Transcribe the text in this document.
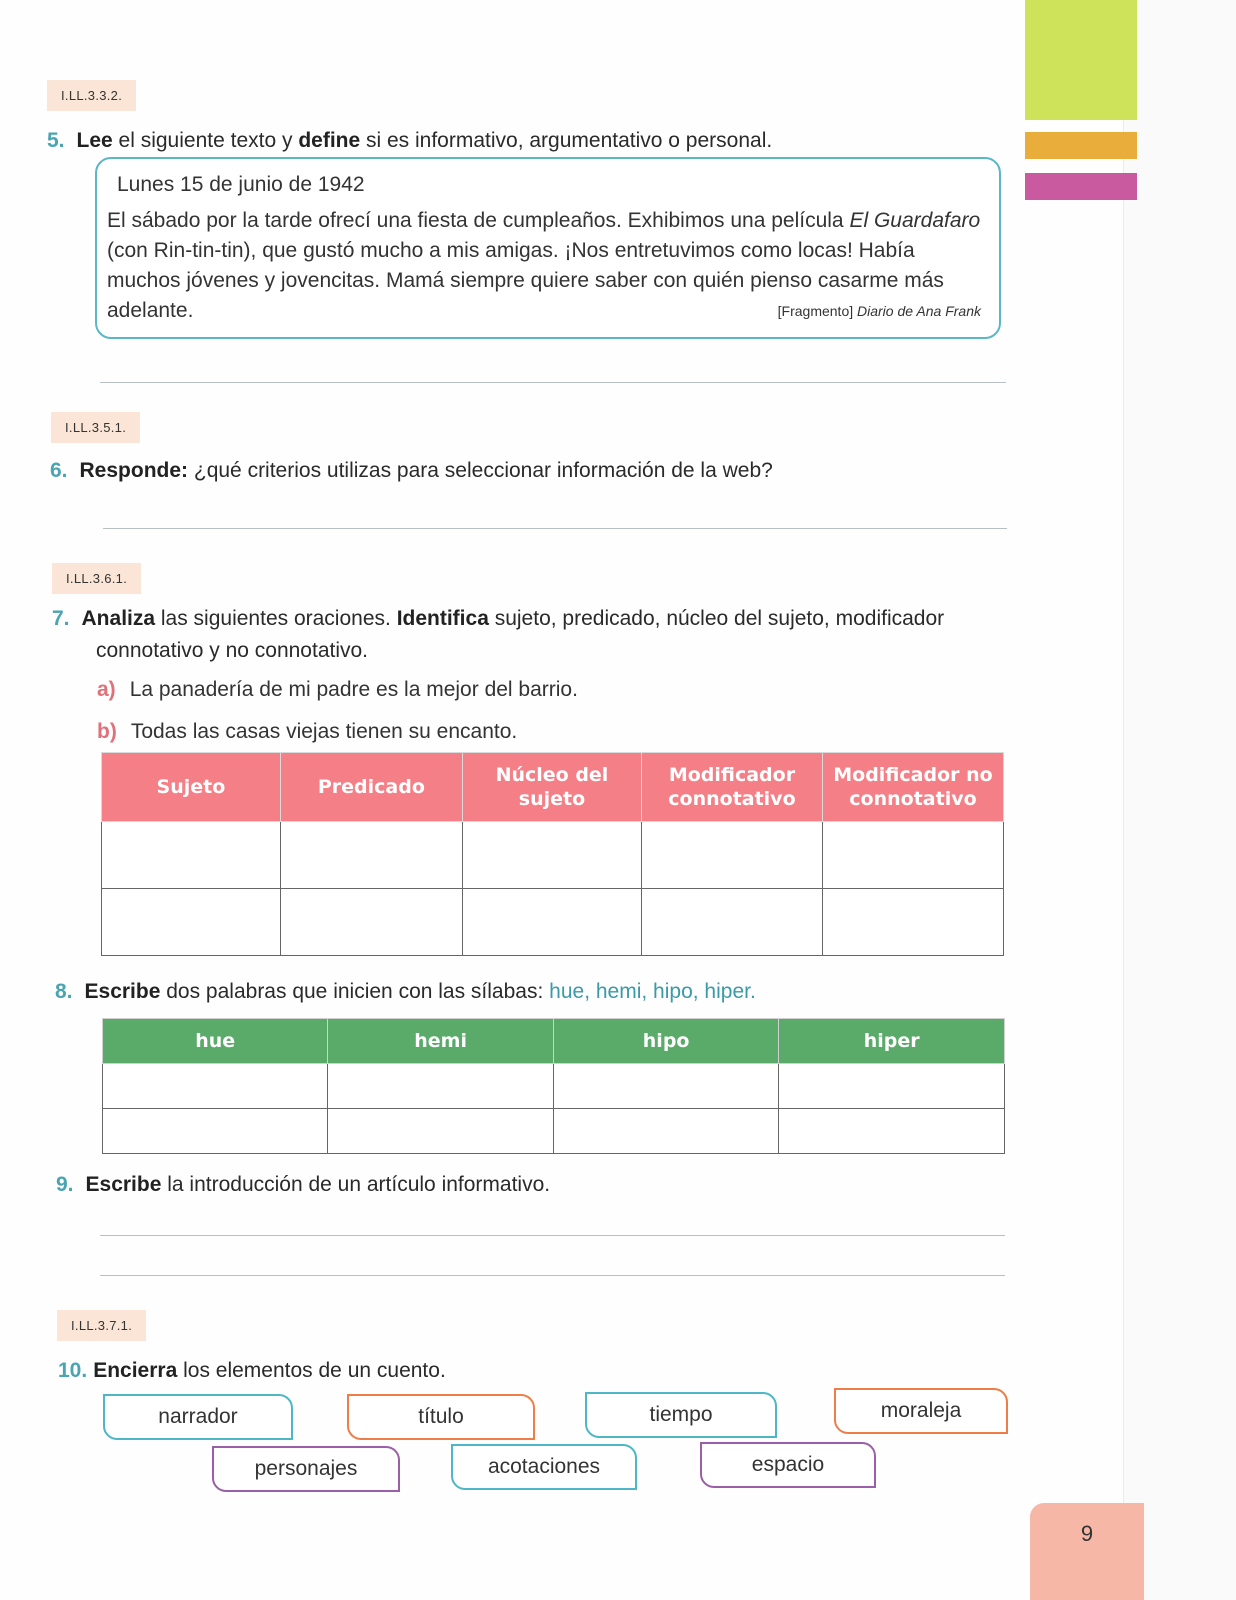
I.LL.3.3.2.
5. Lee el siguiente texto y define si es informativo, argumentativo o personal.
Lunes 15 de junio de 1942
El sábado por la tarde ofrecí una fiesta de cumpleaños. Exhibimos una película El Guardafaro (con Rin-tin-tin), que gustó mucho a mis amigas. ¡Nos entretuvimos como locas! Había muchos jóvenes y jovencitas. Mamá siempre quiere saber con quién pienso casarme más adelante.	[Fragmento] Diario de Ana Frank
I.LL.3.5.1.
6. Responde: ¿qué criterios utilizas para seleccionar información de la web?
I.LL.3.6.1.
7. Analiza las siguientes oraciones. Identifica sujeto, predicado, núcleo del sujeto, modificador
connotativo y no connotativo.
a) La panadería de mi padre es la mejor del barrio.
b) Todas las casas viejas tienen su encanto.
Sujeto	Predicado	Núcleo del sujeto	Modificador connotativo	Modificador no connotativo

8. Escribe dos palabras que inicien con las sílabas: hue, hemi, hipo, hiper.
hue	hemi	hipo	hiper

9. Escribe la introducción de un artículo informativo.
I.LL.3.7.1.
10. Encierra los elementos de un cuento.
narrador	título	tiempo	moraleja
personajes	acotaciones	espacio
9
